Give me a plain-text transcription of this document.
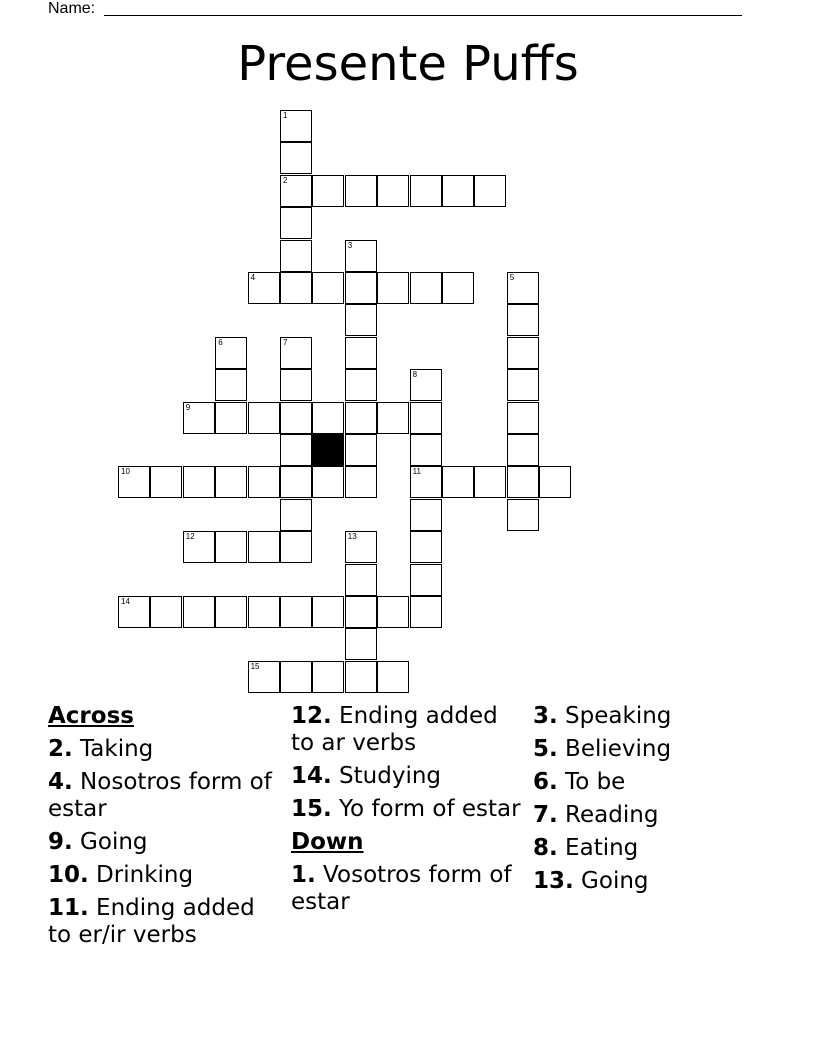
Name:
Presente Puffs
1
2
3
4	5
6	7
8
11
9
10
12	13
14
15
Across
2. Taking
4. Nosotros form of estar
9. Going
10. Drinking
11. Ending added to er/ir verbs
12. Ending added to ar verbs
14. Studying
15. Yo form of estar
Down
1. Vosotros form of estar
3. Speaking
5. Believing
6. To be
7. Reading
8. Eating
13. Going
